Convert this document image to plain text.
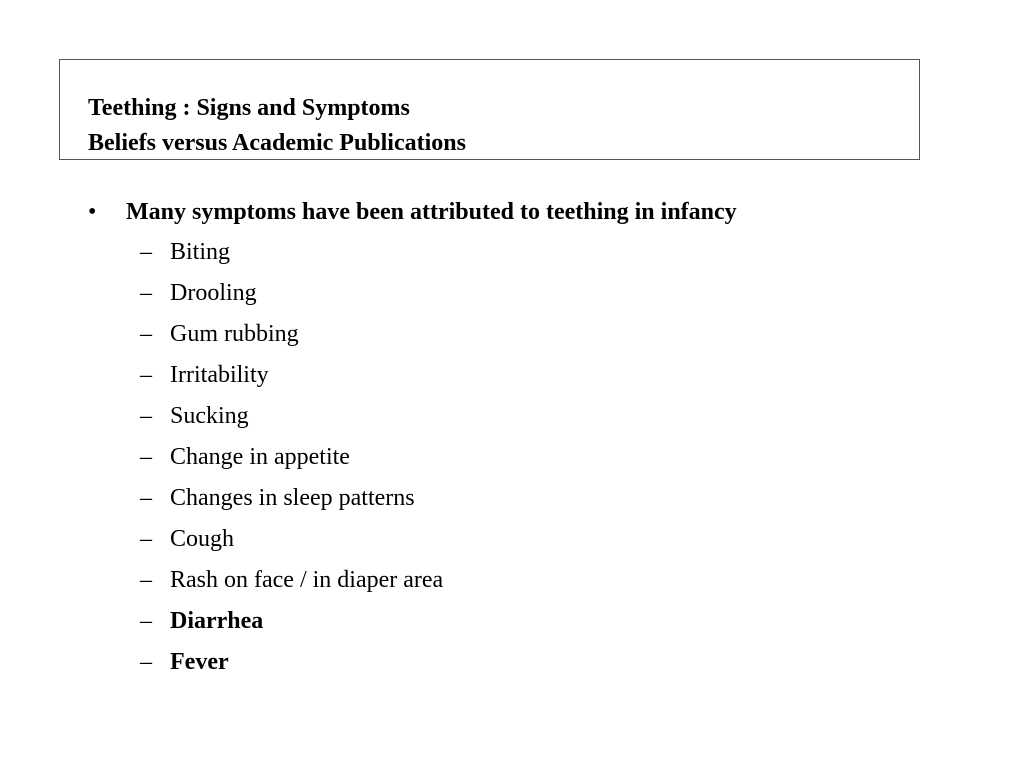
Teething : Signs and Symptoms
Beliefs versus Academic Publications
• Many symptoms have been attributed to teething in infancy
– Biting
– Drooling
– Gum rubbing
– Irritability
– Sucking
– Change in appetite
– Changes in sleep patterns
– Cough
– Rash on face / in diaper area
– Diarrhea
– Fever
